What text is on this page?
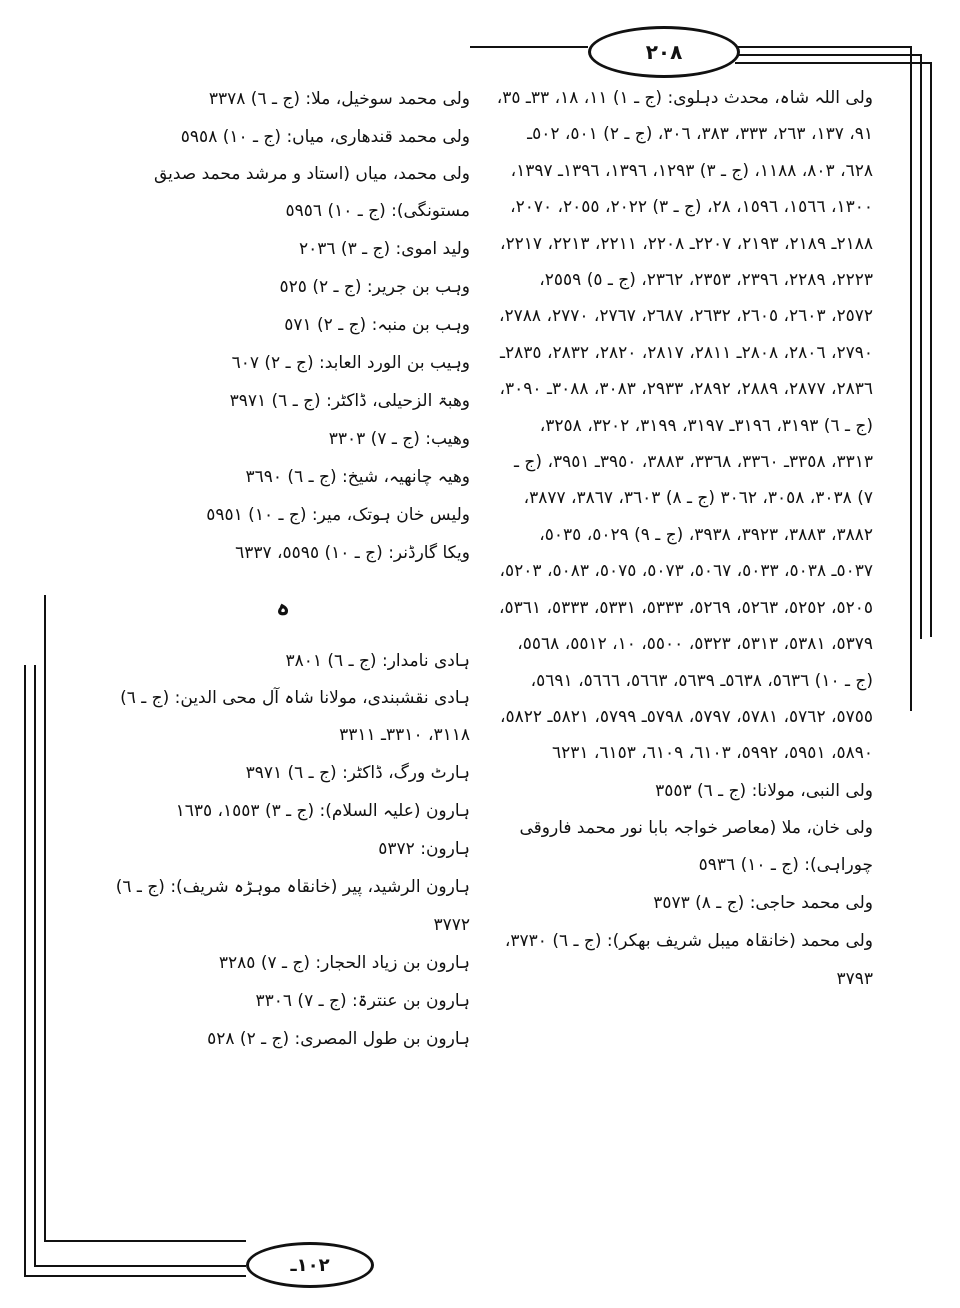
٢٠٨
١٠٢ـ

ولی اللہ شاہ، محدث دہلوی: (ج ـ ١) ١١، ١٨، ٣٣ـ ٣٥، ٩١، ١٣٧، ٢٦٣، ٣٣٣، ٣٨٣، ٣٠٦، (ج ـ ٢) ٥٠١، ٥٠٢ـ ٦٢٨، ٨٠٣، ١١٨٨، (ج ـ ٣) ١٢٩٣، ١٣٩٦، ١٣٩٦ـ ١٣٩٧، ١٣٠٠، ١٥٦٦، ١٥٩٦، ٢٨، (ج ـ ٣) ٢٠٢٢، ٢٠٥٥، ٢٠٧٠، ٢١٨٨ـ ٢١٨٩، ٢١٩٣، ٢٢٠٧ـ ٢٢٠٨، ٢٢١١، ٢٢١٣، ٢٢١٧، ٢٢٢٣، ٢٢٨٩، ٢٣٩٦، ٢٣٥٣، ٢٣٦٢، (ج ـ ٥) ٢٥٥٩، ٢٥٧٢، ٢٦٠٣، ٢٦٠٥، ٢٦٣٢، ٢٦٨٧، ٢٧٦٧، ٢٧٧٠، ٢٧٨٨، ٢٧٩٠، ٢٨٠٦، ٢٨٠٨ـ ٢٨١١، ٢٨١٧، ٢٨٢٠، ٢٨٣٢، ٢٨٣٥ـ ٢٨٣٦، ٢٨٧٧، ٢٨٨٩، ٢٨٩٢، ٢٩٣٣، ٣٠٨٣، ٣٠٨٨ـ ٣٠٩٠، (ج ـ ٦) ٣١٩٣، ٣١٩٦ـ ٣١٩٧، ٣١٩٩، ٣٢٠٢، ٣٢٥٨، ٣٣١٣، ٣٣٥٨ـ ٣٣٦٠، ٣٣٦٨، ٣٨٨٣، ٣٩٥٠ـ ٣٩٥١، (ج ـ ٧) ٣٠٣٨، ٣٠٥٨، ٣٠٦٢ (ج ـ ٨) ٣٦٠٣، ٣٨٦٧، ٣٨٧٧، ٣٨٨٢، ٣٨٨٣، ٣٩٢٣، ٣٩٣٨، (ج ـ ٩) ٥٠٢٩، ٥٠٣٥، ٥٠٣٧ـ ٥٠٣٨، ٥٠٣٣، ٥٠٦٧، ٥٠٧٣، ٥٠٧٥، ٥٠٨٣، ٥٢٠٣، ٥٢٠٥، ٥٢٥٢، ٥٢٦٣، ٥٢٦٩، ٥٣٣٣، ٥٣٣١، ٥٣٣٣، ٥٣٦١، ٥٣٧٩، ٥٣٨١، ٥٣١٣، ٥٣٢٣، ٥٥٠٠، ١٠، ٥٥١٢، ٥٥٦٨، (ج ـ ١٠) ٥٦٣٦، ٥٦٣٨ـ ٥٦٣٩، ٥٦٦٣، ٥٦٦٦، ٥٦٩١، ٥٧٥٥، ٥٧٦٢، ٥٧٨١، ٥٧٩٧، ٥٧٩٨ـ ٥٧٩٩، ٥٨٢١ـ ٥٨٢٢، ٥٨٩٠، ٥٩٥١، ٥٩٩٢، ٦١٠٣، ٦١٠٩، ٦١٥٣، ٦٢٣١

ولی النبی، مولانا: (ج ـ ٦) ٣٥٥٣

ولی خان، ملا (معاصر خواجہ بابا نور محمد فاروقی چوراہی): (ج ـ ١٠) ٥٩٣٦

ولی محمد حاجی: (ج ـ ٨) ٣٥٧٣

ولی محمد (خانقاہ میبل شریف بھکر): (ج ـ ٦) ٣٧٣٠، ٣٧٩٣

ولی محمد سوخیل، ملا: (ج ـ ٦) ٣٣٧٨

ولی محمد قندھاری، میاں: (ج ـ ١٠) ٥٩٥٨

ولی محمد، میاں (استاد و مرشد محمد صدیق مستونگی): (ج ـ ١٠) ٥٩٥٦

ولید اموی: (ج ـ ٣) ٢٠٣٦

وہب بن جریر: (ج ـ ٢) ٥٢٥

وہب بن منبہ: (ج ـ ٢) ٥٧١

وہیب بن الورد العابد: (ج ـ ٢) ٦٠٧

وھبۃ الزحیلی، ڈاکٹر: (ج ـ ٦) ٣٩٧١

وھیب: (ج ـ ٧) ٣٣٠٣

وھیہ چانھیہ، شیخ: (ج ـ ٦) ٣٦٩٠

ولیس خان ہوتک، میر: (ج ـ ١٠) ٥٩٥١

ویکا گارڈنر: (ج ـ ١٠) ٥٥٩٥، ٦٣٣٧

ہ

ہادی نامدار: (ج ـ ٦) ٣٨٠١

ہادی نقشبندی، مولانا شاہ آل محی الدین: (ج ـ ٦) ٣١١٨، ٣٣١٠ـ ٣٣١١

ہارٹ ورگ، ڈاکٹر: (ج ـ ٦) ٣٩٧١

ہارون (علیہ السلام): (ج ـ ٣) ١٥٥٣، ١٦٣٥

ہارون: ٥٣٧٢

ہارون الرشید، پیر (خانقاہ موہڑہ شریف): (ج ـ ٦) ٣٧٧٢

ہارون بن زیاد الحجار: (ج ـ ٧) ٣٢٨٥

ہارون بن عنترۃ: (ج ـ ٧) ٣٣٠٦

ہارون بن طول المصری: (ج ـ ٢) ٥٢٨
